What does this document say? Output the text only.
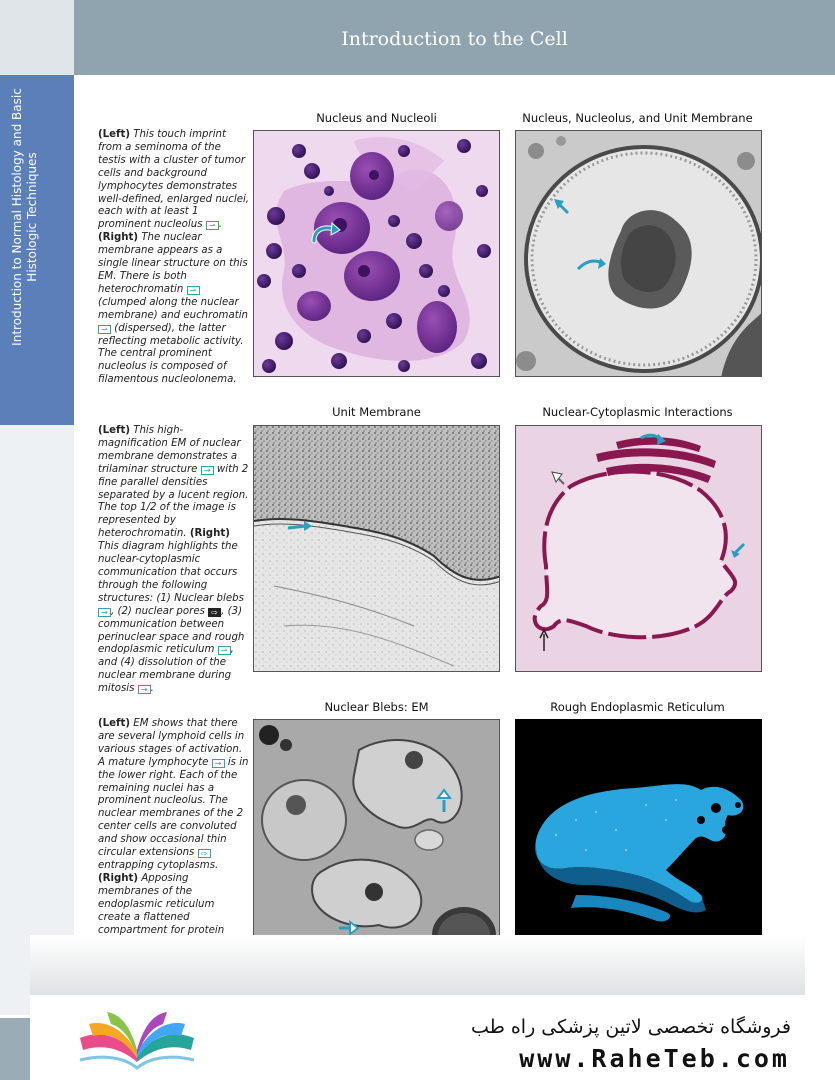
Introduction to the Cell
Introduction to Normal Histology and Basic Histologic Techniques
(Left) This touch imprint from a seminoma of the testis with a cluster of tumor cells and background lymphocytes demonstrates well-defined, enlarged nuclei, each with at least 1 prominent nucleolus ⇀ . (Right) The nuclear membrane appears as a single linear structure on this EM. There is both heterochromatin ⇀ (clumped along the nuclear membrane) and euchromatin ⇀ (dispersed), the latter reflecting metabolic activity. The central prominent nucleolus is composed of filamentous nucleolonema.
(Left) This high-magnification EM of nuclear membrane demonstrates a trilaminar structure → with 2 fine parallel densities separated by a lucent region. The top 1/2 of the image is represented by heterochromatin. (Right) This diagram highlights the nuclear-cytoplasmic communication that occurs through the following structures: (1) Nuclear blebs → , (2) nuclear pores ⇨ , (3) communication between perinuclear space and rough endoplasmic reticulum ⇀ , and (4) dissolution of the nuclear membrane during mitosis → .
(Left) EM shows that there are several lymphoid cells in various stages of activation. A mature lymphocyte → is in the lower right. Each of the remaining nuclei has a prominent nucleolus. The nuclear membranes of the 2 center cells are convoluted and show occasional thin circular extensions ⇨ entrapping cytoplasms. (Right) Apposing membranes of the endoplasmic reticulum create a flattened compartment for protein
Nucleus and Nucleoli	Nucleus, Nucleolus, and Unit Membrane
Unit Membrane	Nuclear-Cytoplasmic Interactions
Nuclear Blebs: EM	Rough Endoplasmic Reticulum
فروشگاه تخصصی لاتین پزشکی راه طب
www.RaheTeb.com
